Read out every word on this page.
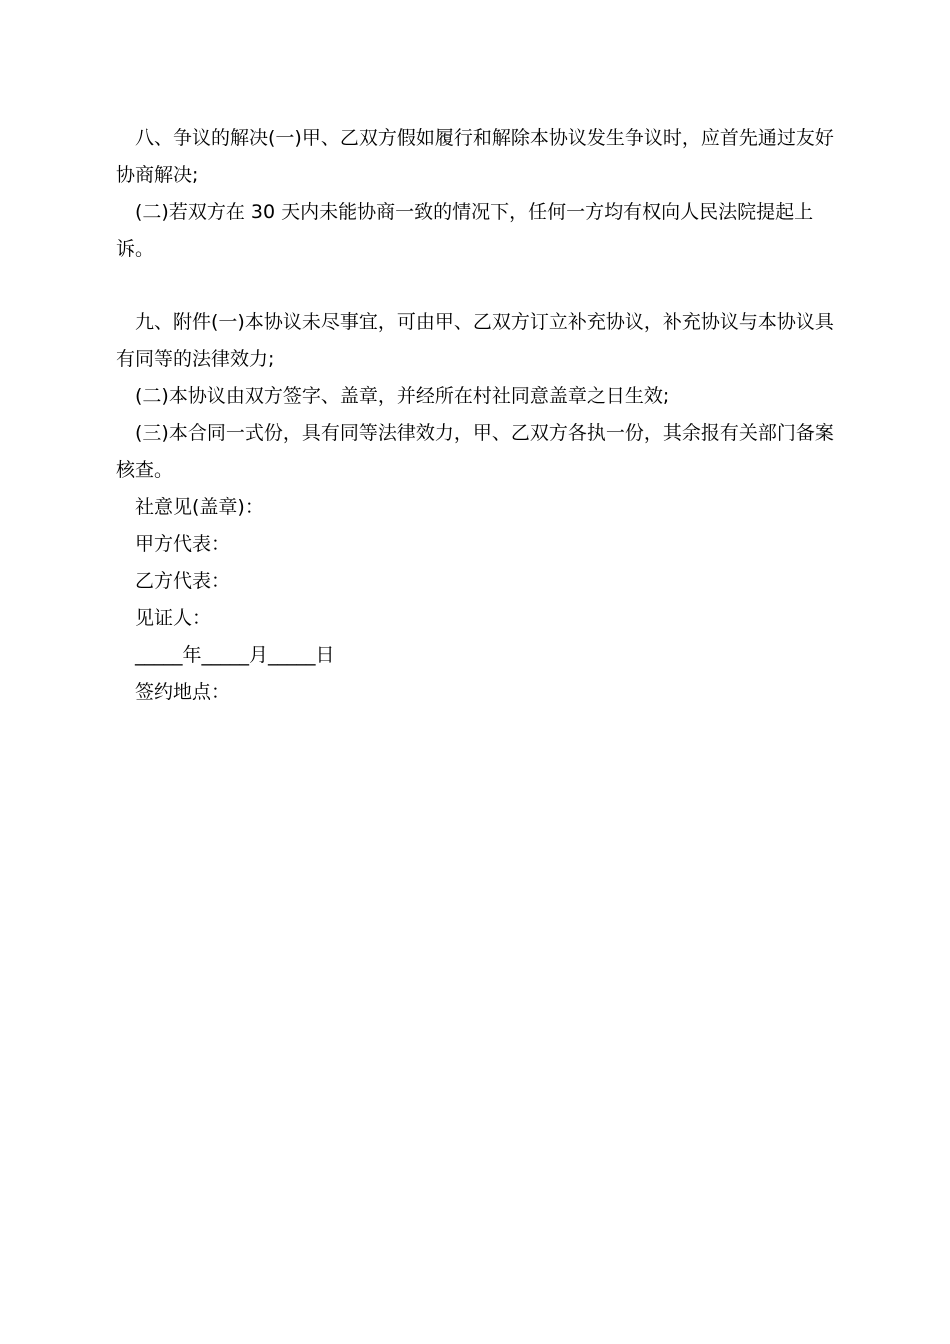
八、争议的解决(一)甲、乙双方假如履行和解除本协议发生争议时，应首先通过友好协商解决;

(二)若双方在 30 天内未能协商一致的情况下，任何一方均有权向人民法院提起上诉。

九、附件(一)本协议未尽事宜，可由甲、乙双方订立补充协议，补充协议与本协议具有同等的法律效力;

(二)本协议由双方签字、盖章，并经所在村社同意盖章之日生效;

(三)本合同一式份，具有同等法律效力，甲、乙双方各执一份，其余报有关部门备案核查。

社意见(盖章)：

甲方代表：

乙方代表：

见证人：

_____年_____月_____日

签约地点：
